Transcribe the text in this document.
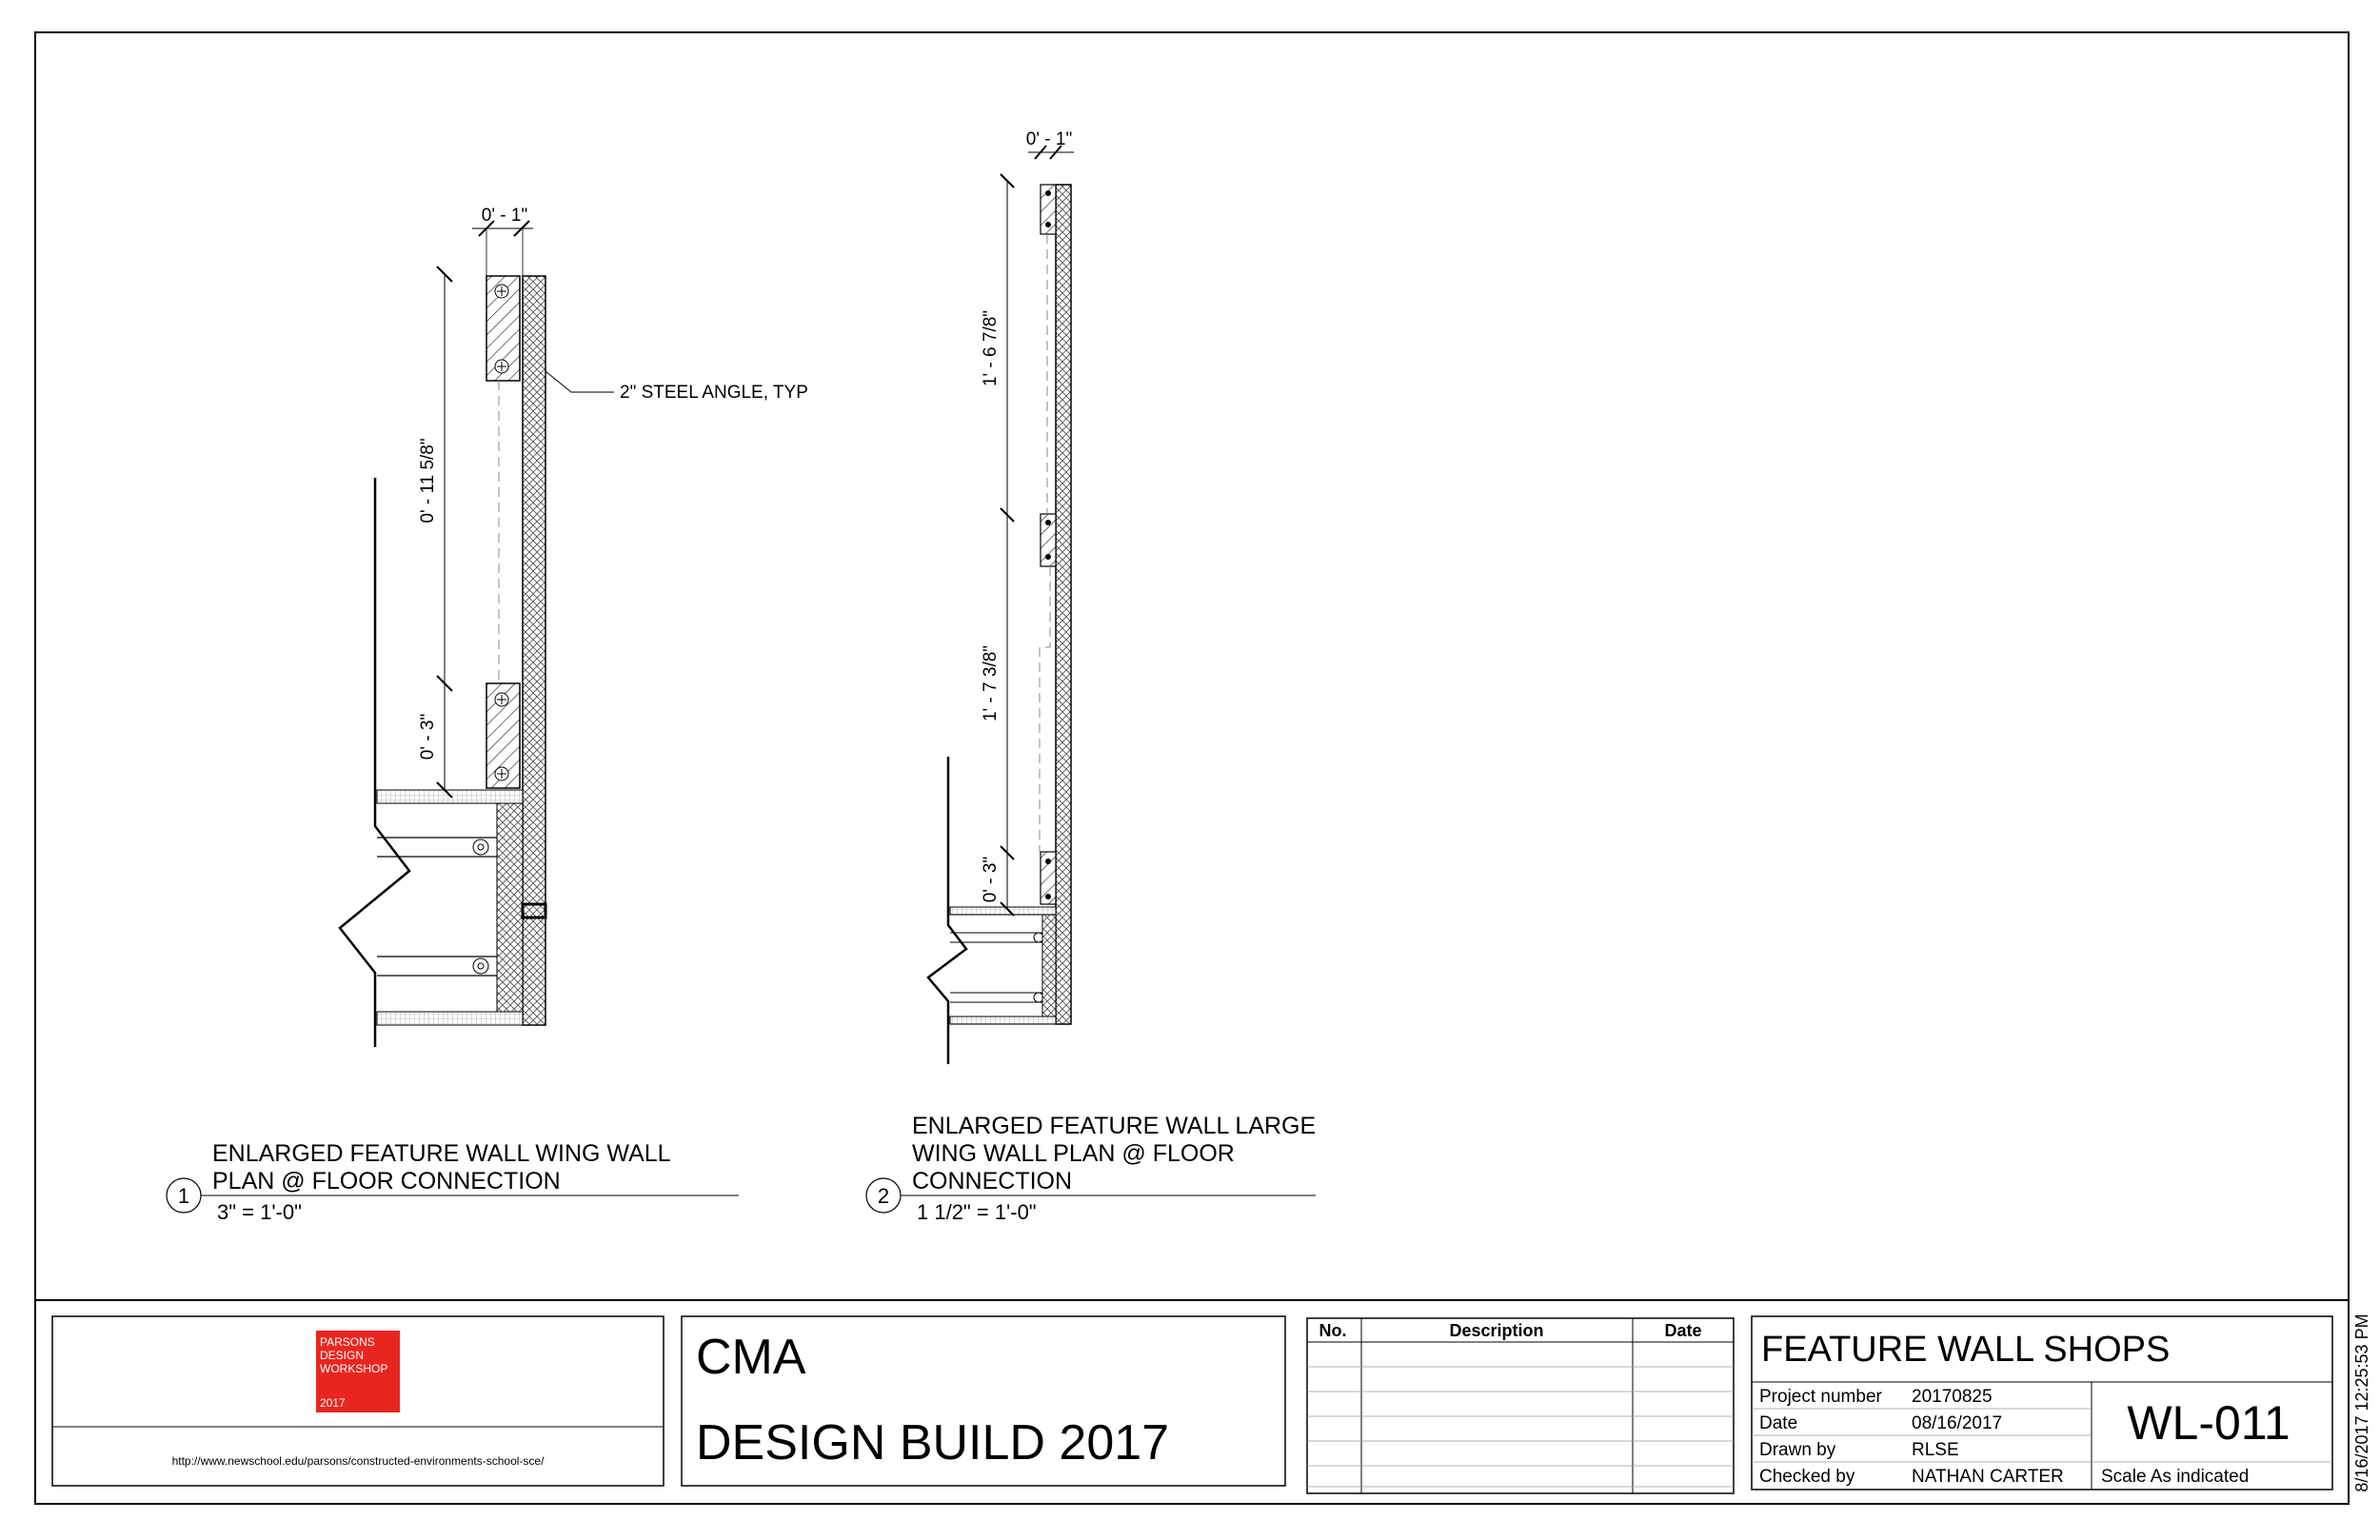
0' - 1"
0' - 11 5/8"
0' - 3"
2" STEEL ANGLE, TYP
1
ENLARGED FEATURE WALL WING WALL
PLAN @ FLOOR CONNECTION
3" = 1'-0"
0' - 1"
1' - 6 7/8"
1' - 7 3/8"
0' - 3"
2
ENLARGED FEATURE WALL LARGE
WING WALL PLAN @ FLOOR
CONNECTION
1 1/2" = 1'-0"
PARSONS
DESIGN
WORKSHOP
2017
http://www.newschool.edu/parsons/constructed-environments-school-sce/
CMA
DESIGN BUILD 2017
No.	Description	Date FEATURE WALL SHOPS
Project number 20170825
Date	08/16/2017
Drawn by	RLSE
Checked by	NATHAN CARTER
WL-011
Scale As indicated	8/16/2017 12:25:53 PM
